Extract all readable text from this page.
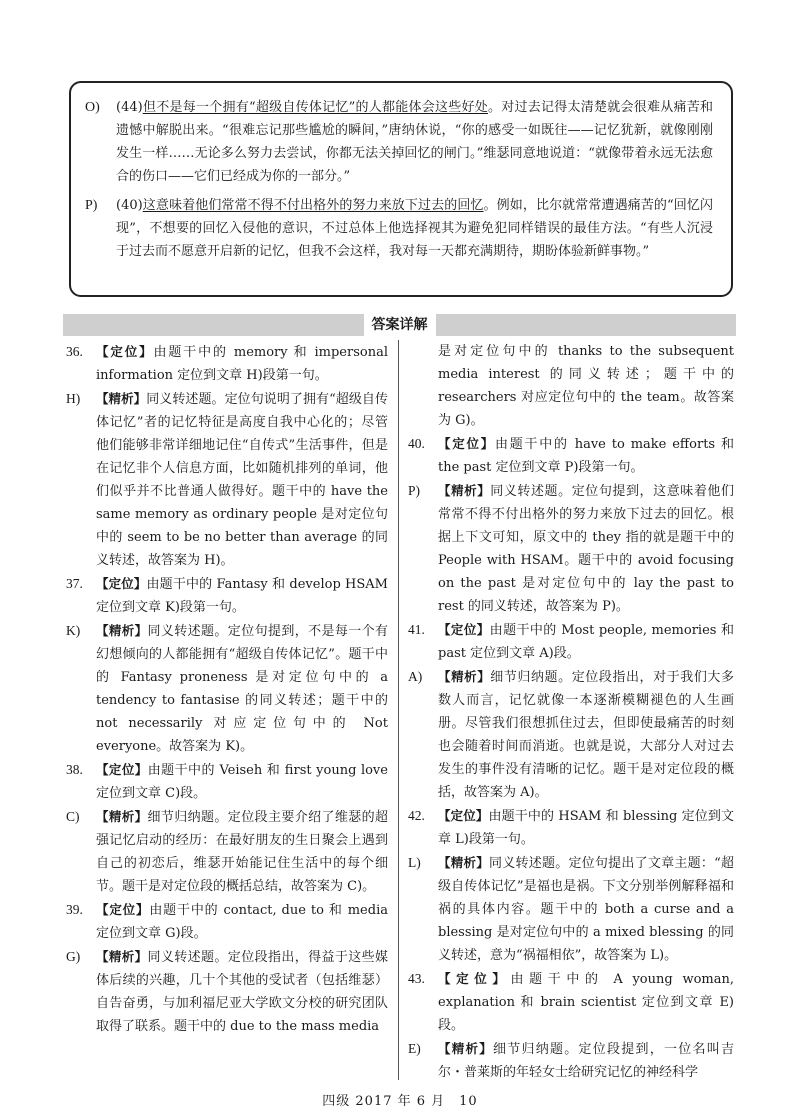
O)	(44)但不是每一个拥有“超级自传体记忆”的人都能体会这些好处。对过去记得太清楚就会很难从痛苦和遗憾中解脱出来。“很难忘记那些尴尬的瞬间，”唐纳休说，“你的感受一如既往——记忆犹新，就像刚刚发生一样……无论多么努力去尝试，你都无法关掉回忆的闸门。”维瑟同意地说道：“就像带着永远无法愈合的伤口——它们已经成为你的一部分。”
P)	(40)这意味着他们常常不得不付出格外的努力来放下过去的回忆。例如，比尔就常常遭遇痛苦的“回忆闪现”，不想要的回忆入侵他的意识，不过总体上他选择视其为避免犯同样错误的最佳方法。“有些人沉浸于过去而不愿意开启新的记忆，但我不会这样，我对每一天都充满期待，期盼体验新鲜事物。”
答案详解
36.	【定位】由题干中的 memory 和 impersonal information 定位到文章 H)段第一句。
H)	【精析】同义转述题。定位句说明了拥有“超级自传体记忆”者的记忆特征是高度自我中心化的；尽管他们能够非常详细地记住“自传式”生活事件，但是在记忆非个人信息方面，比如随机排列的单词，他们似乎并不比普通人做得好。题干中的 have the same memory as ordinary people 是对定位句中的 seem to be no better than average 的同义转述，故答案为 H)。
37.	【定位】由题干中的 Fantasy 和 develop HSAM 定位到文章 K)段第一句。
K)	【精析】同义转述题。定位句提到，不是每一个有幻想倾向的人都能拥有“超级自传体记忆”。题干中的 Fantasy proneness 是对定位句中的 a tendency to fantasise 的同义转述；题干中的 not necessarily 对应定位句中的 Not everyone。故答案为 K)。
38.	【定位】由题干中的 Veiseh 和 first young love 定位到文章 C)段。
C)	【精析】细节归纳题。定位段主要介绍了维瑟的超强记忆启动的经历：在最好朋友的生日聚会上遇到自己的初恋后，维瑟开始能记住生活中的每个细节。题干是对定位段的概括总结，故答案为 C)。
39.	【定位】由题干中的 contact, due to 和 media 定位到文章 G)段。
G)	【精析】同义转述题。定位段指出，得益于这些媒体后续的兴趣，几十个其他的受试者（包括维瑟）自告奋勇，与加利福尼亚大学欧文分校的研究团队取得了联系。题干中的 due to the mass media
是对定位句中的 thanks to the subsequent media interest 的同义转述；题干中的 researchers 对应定位句中的 the team。故答案为 G)。
40.	【定位】由题干中的 have to make efforts 和 the past 定位到文章 P)段第一句。
P)	【精析】同义转述题。定位句提到，这意味着他们常常不得不付出格外的努力来放下过去的回忆。根据上下文可知，原文中的 they 指的就是题干中的 People with HSAM。题干中的 avoid focusing on the past 是对定位句中的 lay the past to rest 的同义转述，故答案为 P)。
41.	【定位】由题干中的 Most people, memories 和 past 定位到文章 A)段。
A)	【精析】细节归纳题。定位段指出，对于我们大多数人而言，记忆就像一本逐渐模糊褪色的人生画册。尽管我们很想抓住过去，但即使最痛苦的时刻也会随着时间而消逝。也就是说，大部分人对过去发生的事件没有清晰的记忆。题干是对定位段的概括，故答案为 A)。
42.	【定位】由题干中的 HSAM 和 blessing 定位到文章 L)段第一句。
L)	【精析】同义转述题。定位句提出了文章主题：“超级自传体记忆”是福也是祸。下文分别举例解释福和祸的具体内容。题干中的 both a curse and a blessing 是对定位句中的 a mixed blessing 的同义转述，意为“祸福相依”，故答案为 L)。
43.	【定位】由题干中的 A young woman, explanation 和 brain scientist 定位到文章 E)段。
E)	【精析】细节归纳题。定位段提到，一位名叫吉尔・普莱斯的年轻女士给研究记忆的神经科学
四级 2017 年 6 月　10
